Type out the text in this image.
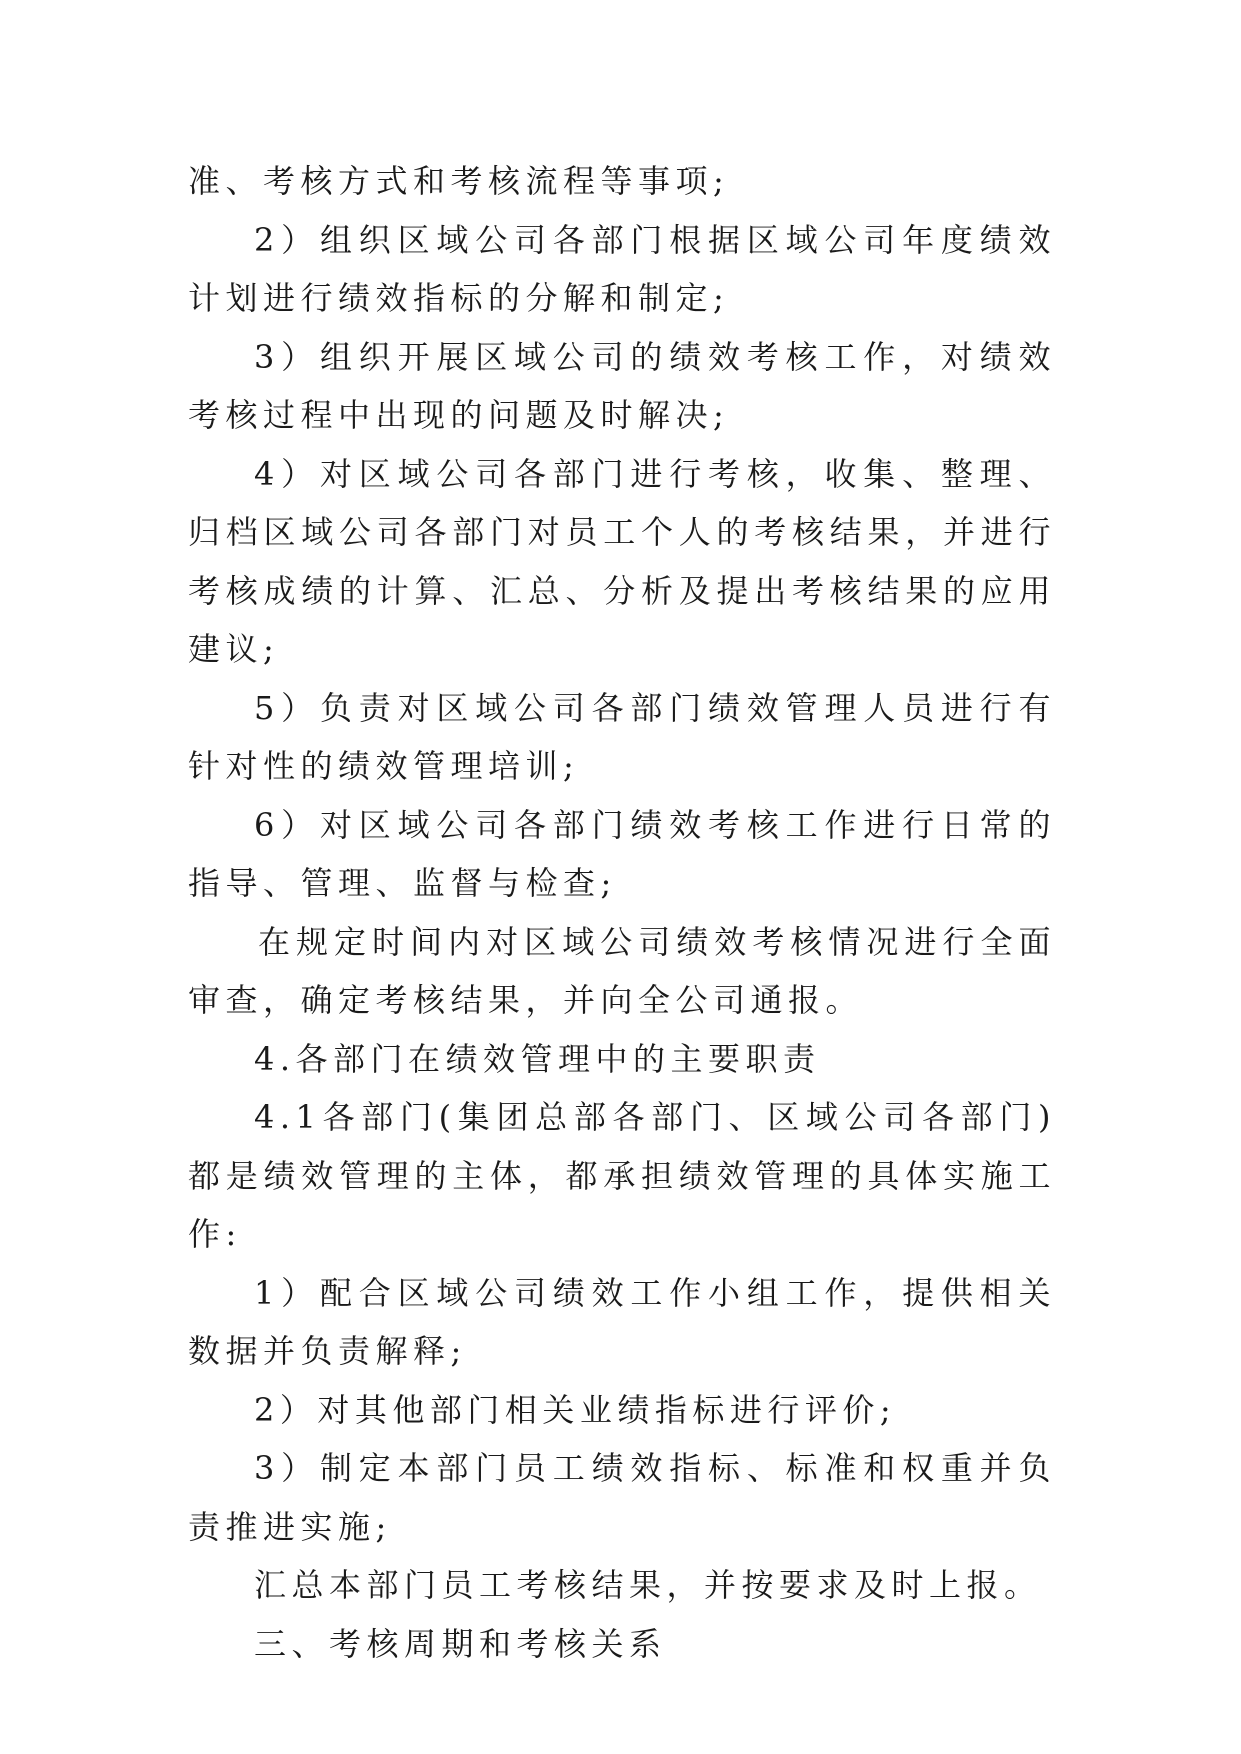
准、考核方式和考核流程等事项;

2）组织区域公司各部门根据区域公司年度绩效计划进行绩效指标的分解和制定;

3）组织开展区域公司的绩效考核工作，对绩效考核过程中出现的问题及时解决;

4）对区域公司各部门进行考核，收集、整理、归档区域公司各部门对员工个人的考核结果，并进行考核成绩的计算、汇总、分析及提出考核结果的应用建议;

5）负责对区域公司各部门绩效管理人员进行有针对性的绩效管理培训;

6）对区域公司各部门绩效考核工作进行日常的指导、管理、监督与检查;

在规定时间内对区域公司绩效考核情况进行全面审查，确定考核结果，并向全公司通报。

4.各部门在绩效管理中的主要职责

4.1各部门(集团总部各部门、区域公司各部门)都是绩效管理的主体，都承担绩效管理的具体实施工作:

1）配合区域公司绩效工作小组工作，提供相关数据并负责解释;

2）对其他部门相关业绩指标进行评价;

3）制定本部门员工绩效指标、标准和权重并负责推进实施;

汇总本部门员工考核结果，并按要求及时上报。

三、考核周期和考核关系
